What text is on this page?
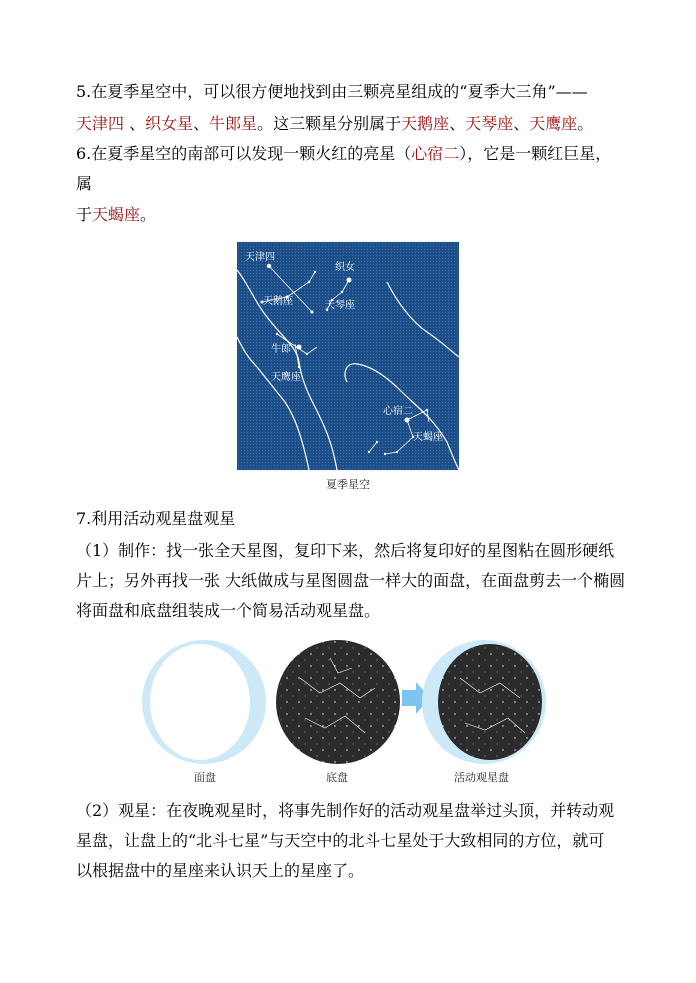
5.在夏季星空中，可以很方便地找到由三颗亮星组成的“夏季大三角”——
天津四 、织女星、牛郎星。这三颗星分别属于天鹅座、天琴座、天鹰座。
6.在夏季星空的南部可以发现一颗火红的亮星（心宿二），它是一颗红巨星，
属
于天蝎座。
天津四
织女
天琴座
天鹅座
牛郎
天鹰座
心宿二
天蝎座
夏季星空
7.利用活动观星盘观星
（1）制作：找一张全天星图，复印下来，然后将复印好的星图粘在圆形硬纸
片上；另外再找一张 大纸做成与星图圆盘一样大的面盘，在面盘剪去一个椭圆
将面盘和底盘组装成一个简易活动观星盘。
面盘	底盘	活动观星盘
（2）观星：在夜晚观星时，将事先制作好的活动观星盘举过头顶，并转动观
星盘，让盘上的“北斗七星”与天空中的北斗七星处于大致相同的方位，就可
以根据盘中的星座来认识天上的星座了。
